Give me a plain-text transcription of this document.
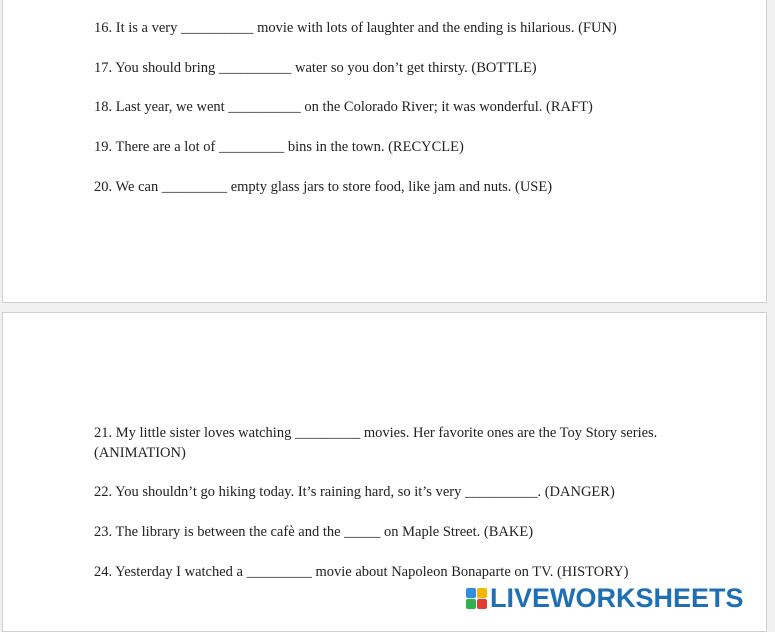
16. It is a very __________ movie with lots of laughter and the ending is hilarious. (FUN)
17. You should bring __________ water so you don’t get thirsty. (BOTTLE)
18. Last year, we went __________ on the Colorado River; it was wonderful. (RAFT)
19. There are a lot of _________ bins in the town. (RECYCLE)
20. We can _________ empty glass jars to store food, like jam and nuts. (USE)
21. My little sister loves watching _________ movies. Her favorite ones are the Toy Story series. (ANIMATION)
22. You shouldn’t go hiking today. It’s raining hard, so it’s very __________. (DANGER)
23. The library is between the cafè and the _____ on Maple Street. (BAKE)
24. Yesterday I watched a _________ movie about Napoleon Bonaparte on TV. (HISTORY)
LIVEWORKSHEETS
